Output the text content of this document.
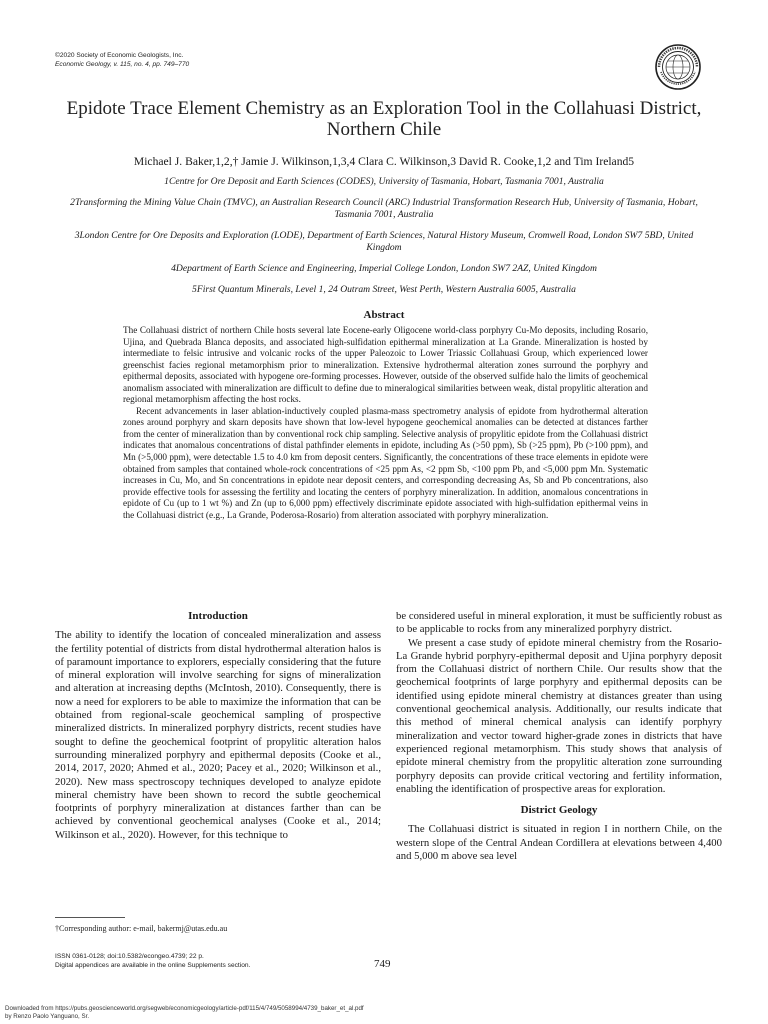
©2020 Society of Economic Geologists, Inc.
Economic Geology, v. 115, no. 4, pp. 749–770
Epidote Trace Element Chemistry as an Exploration Tool in the Collahuasi District, Northern Chile
Michael J. Baker,1,2,† Jamie J. Wilkinson,1,3,4 Clara C. Wilkinson,3 David R. Cooke,1,2 and Tim Ireland5
1Centre for Ore Deposit and Earth Sciences (CODES), University of Tasmania, Hobart, Tasmania 7001, Australia
2Transforming the Mining Value Chain (TMVC), an Australian Research Council (ARC) Industrial Transformation Research Hub, University of Tasmania, Hobart, Tasmania 7001, Australia
3London Centre for Ore Deposits and Exploration (LODE), Department of Earth Sciences, Natural History Museum, Cromwell Road, London SW7 5BD, United Kingdom
4Department of Earth Science and Engineering, Imperial College London, London SW7 2AZ, United Kingdom
5First Quantum Minerals, Level 1, 24 Outram Street, West Perth, Western Australia 6005, Australia
Abstract

The Collahuasi district of northern Chile hosts several late Eocene-early Oligocene world-class porphyry Cu-Mo deposits, including Rosario, Ujina, and Quebrada Blanca deposits, and associated high-sulfidation epithermal mineralization at La Grande. Mineralization is hosted by intermediate to felsic intrusive and volcanic rocks of the upper Paleozoic to Lower Triassic Collahuasi Group, which experienced lower greenschist facies regional metamorphism prior to mineralization. Extensive hydrothermal alteration zones surround the porphyry and epithermal deposits, associated with hypogene ore-forming processes. However, outside of the observed sulfide halo the limits of geochemical anomalism associated with mineralization are difficult to define due to mineralogical similarities between weak, distal propylitic alteration and regional metamorphism affecting the host rocks.

Recent advancements in laser ablation-inductively coupled plasma-mass spectrometry analysis of epidote from hydrothermal alteration zones around porphyry and skarn deposits have shown that low-level hypogene geochemical anomalies can be detected at distances farther from the center of mineralization than by conventional rock chip sampling. Selective analysis of propylitic epidote from the Collahuasi district indicates that anomalous concentrations of distal pathfinder elements in epidote, including As (>50 ppm), Sb (>25 ppm), Pb (>100 ppm), and Mn (>5,000 ppm), were detectable 1.5 to 4.0 km from deposit centers. Significantly, the concentrations of these trace elements in epidote were obtained from samples that contained whole-rock concentrations of <25 ppm As, <2 ppm Sb, <100 ppm Pb, and <5,000 ppm Mn. Systematic increases in Cu, Mo, and Sn concentrations in epidote near deposit centers, and corresponding decreasing As, Sb and Pb concentrations, also provide effective tools for assessing the fertility and locating the centers of porphyry mineralization. In addition, anomalous concentrations in epidote of Cu (up to 1 wt %) and Zn (up to 6,000 ppm) effectively discriminate epidote associated with high-sulfidation epithermal veins in the Collahuasi district (e.g., La Grande, Poderosa-Rosario) from alteration associated with porphyry mineralization.

Introduction

The ability to identify the location of concealed mineralization and assess the fertility potential of districts from distal hydrothermal alteration halos is of paramount importance to explorers, especially considering that the future of mineral exploration will involve searching for signs of mineralization and alteration at increasing depths (McIntosh, 2010). Consequently, there is now a need for explorers to be able to maximize the information that can be obtained from regional-scale geochemical sampling of prospective mineralized districts. In mineralized porphyry districts, recent studies have sought to define the geochemical footprint of propylitic alteration halos surrounding mineralized porphyry and epithermal deposits (Cooke et al., 2014, 2017, 2020; Ahmed et al., 2020; Pacey et al., 2020; Wilkinson et al., 2020). New mass spectroscopy techniques developed to analyze epidote mineral chemistry have been shown to record the subtle geochemical footprints of porphyry mineralization at distances farther than can be achieved by conventional geochemical analyses (Cooke et al., 2014; Wilkinson et al., 2020). However, for this technique to

be considered useful in mineral exploration, it must be sufficiently robust as to be applicable to rocks from any mineralized porphyry district.

We present a case study of epidote mineral chemistry from the Rosario-La Grande hybrid porphyry-epithermal deposit and Ujina porphyry deposit from the Collahuasi district of northern Chile. Our results show that the geochemical footprints of large porphyry and epithermal deposits can be identified using epidote mineral chemistry at distances greater than using conventional geochemical analysis. Additionally, our results indicate that this method of mineral chemical analysis can identify porphyry mineralization and vector toward higher-grade zones in districts that have experienced regional metamorphism. This study shows that analysis of epidote mineral chemistry from the propylitic alteration zone surrounding porphyry deposits can provide critical vectoring and fertility information, enabling the identification of prospective areas for exploration.

District Geology

The Collahuasi district is situated in region I in northern Chile, on the western slope of the Central Andean Cordillera at elevations between 4,400 and 5,000 m above sea level

†Corresponding author: e-mail, bakermj@utas.edu.au
ISSN 0361-0128; doi:10.5382/econgeo.4739; 22 p.
Digital appendices are available in the online Supplements section.	749
Downloaded from https://pubs.geoscienceworld.org/segweb/economicgeology/article-pdf/115/4/749/5058994/4739_baker_et_al.pdf
by Renzo Paolo Yanguano, Sr.
